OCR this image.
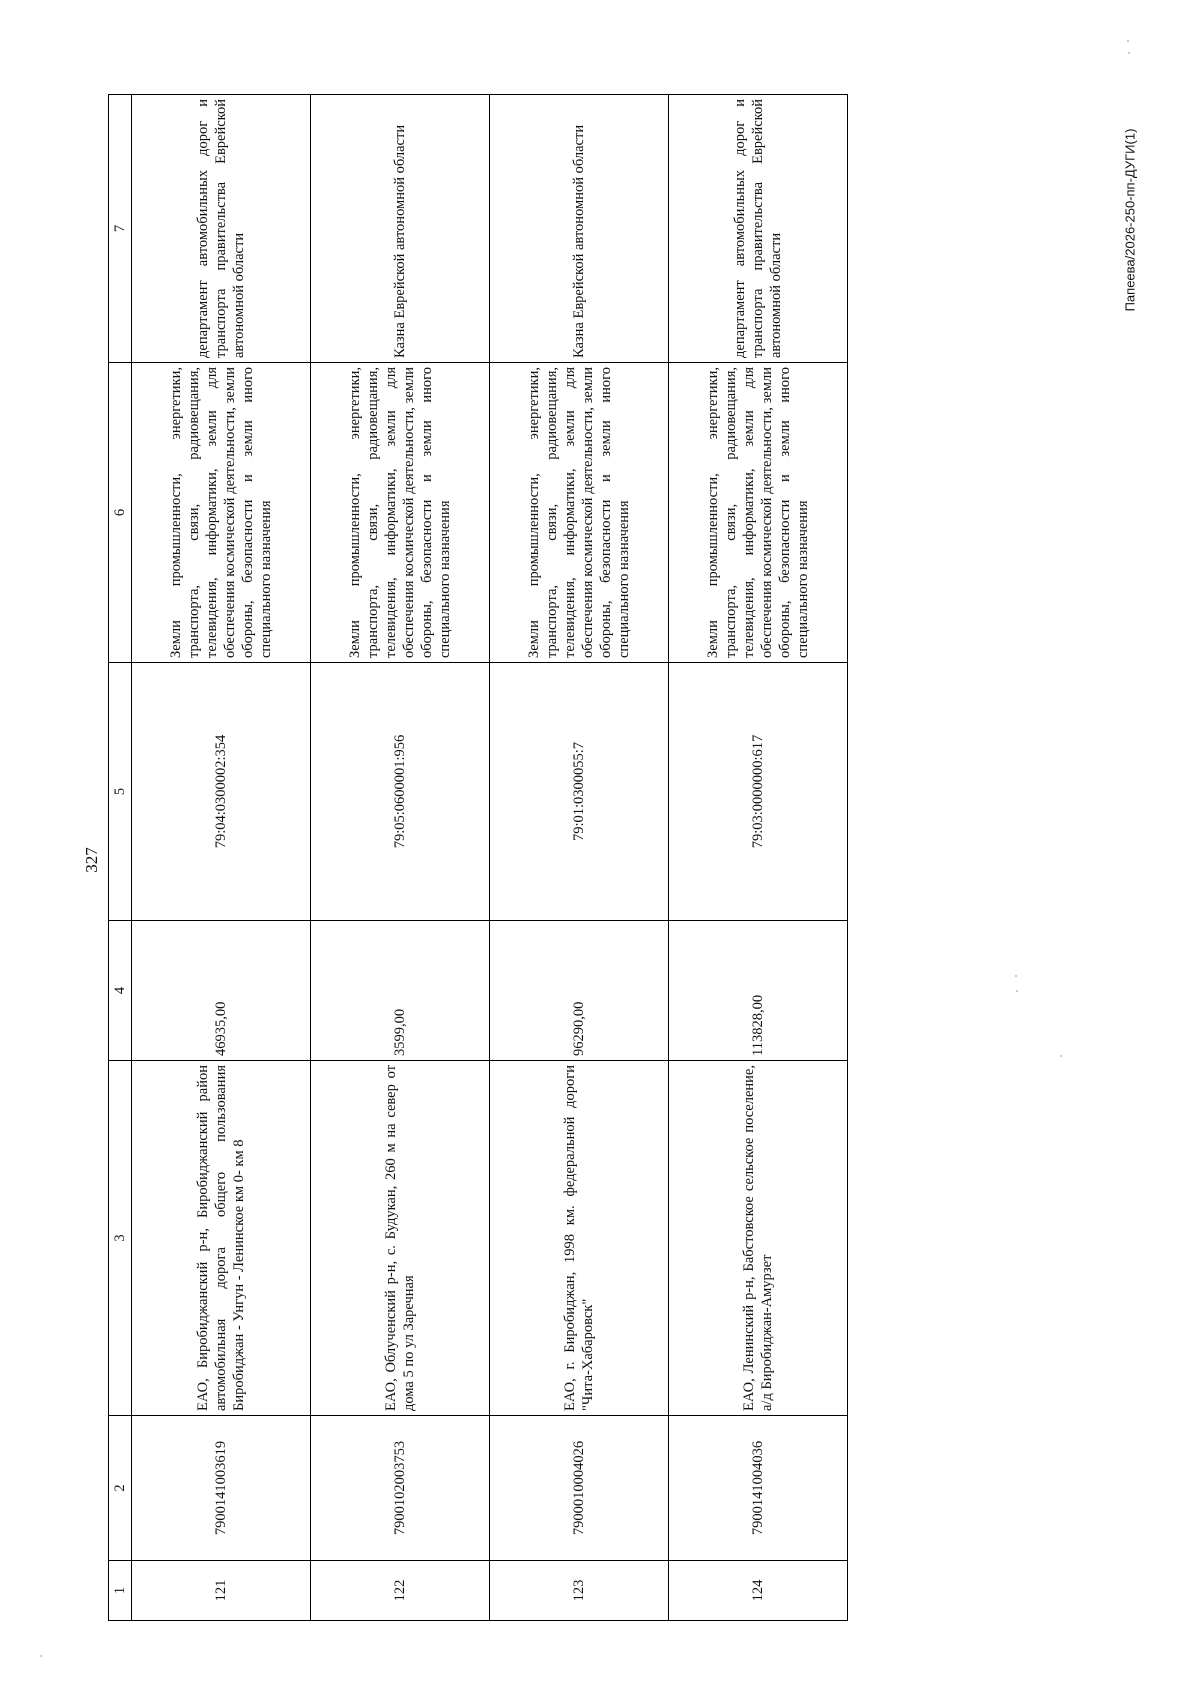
327
Папеева/2026-250-пп-ДУГИ(1)
1	2	3	4	5	6	7
121	7900141003619	ЕАО, Биробиджанский р-н, Биробиджанский район автомобильная дорога общего пользования Биробиджан - Унгун - Ленинское км 0- км 8	46935,00	79:04:0300002:354	Земли промышленности, энергетики, транспорта, связи, радиовещания, телевидения, информатики, земли для обеспечения космической деятельности, земли обороны, безопасности и земли иного специального назначения	департамент автомобильных дорог и транспорта правительства Еврейской автономной области
122	7900102003753	ЕАО, Облученский р-н, с. Будукан, 260 м на север от дома 5 по ул Заречная	3599,00	79:05:0600001:956	Земли промышленности, энергетики, транспорта, связи, радиовещания, телевидения, информатики, земли для обеспечения космической деятельности, земли обороны, безопасности и земли иного специального назначения	Казна Еврейской автономной области
123	7900010004026	ЕАО, г. Биробиджан, 1998 км. федеральной дороги "Чита-Хабаровск"	96290,00	79:01:0300055:7	Земли промышленности, энергетики, транспорта, связи, радиовещания, телевидения, информатики, земли для обеспечения космической деятельности, земли обороны, безопасности и земли иного специального назначения	Казна Еврейской автономной области
124	7900141004036	ЕАО, Ленинский р-н, Бабстовское сельское поселение, а/д Биробиджан-Амурзет	113828,00	79:03:0000000:617	Земли промышленности, энергетики, транспорта, связи, радиовещания, телевидения, информатики, земли для обеспечения космической деятельности, земли обороны, безопасности и земли иного специального назначения	департамент автомобильных дорог и транспорта правительства Еврейской автономной области
